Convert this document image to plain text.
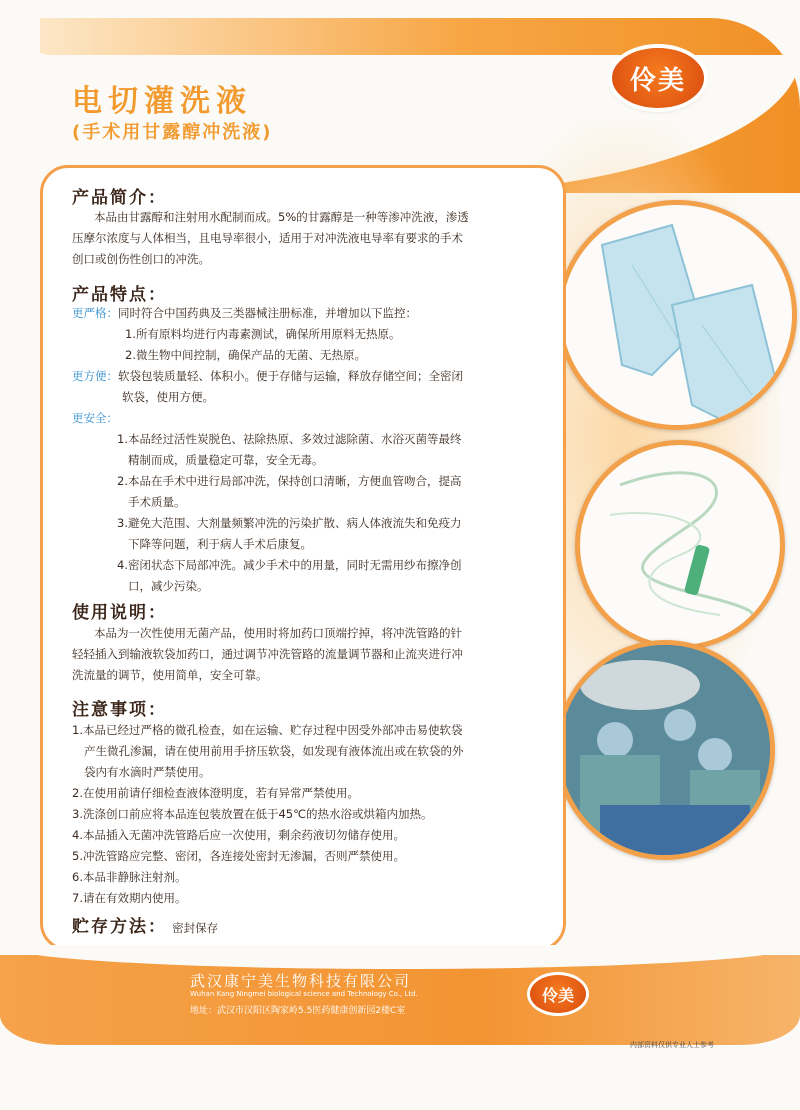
电切灌洗液
(手术用甘露醇冲洗液)
伶美
产品简介：
本品由甘露醇和注射用水配制而成。5%的甘露醇是一种等渗冲洗液，渗透
压摩尔浓度与人体相当，且电导率很小，适用于对冲洗液电导率有要求的手术
创口或创伤性创口的冲洗。
产品特点：
更严格：同时符合中国药典及三类器械注册标准，并增加以下监控：
1.所有原料均进行内毒素测试，确保所用原料无热原。
2.微生物中间控制，确保产品的无菌、无热原。
更方便：软袋包装质量轻、体积小。便于存储与运输，释放存储空间；全密闭
软袋，使用方便。
更安全：
1.本品经过活性炭脱色、祛除热原、多效过滤除菌、水浴灭菌等最终
精制而成，质量稳定可靠，安全无毒。
2.本品在手术中进行局部冲洗，保持创口清晰，方便血管吻合，提高
手术质量。
3.避免大范围、大剂量频繁冲洗的污染扩散、病人体液流失和免疫力
下降等问题，利于病人手术后康复。
4.密闭状态下局部冲洗。减少手术中的用量，同时无需用纱布擦净创
口，减少污染。
使用说明：
本品为一次性使用无菌产品，使用时将加药口顶端拧掉，将冲洗管路的针
轻轻插入到输液软袋加药口，通过调节冲洗管路的流量调节器和止流夹进行冲
洗流量的调节，使用简单，安全可靠。
注意事项：
1.本品已经过严格的微孔检查，如在运输、贮存过程中因受外部冲击易使软袋
产生微孔渗漏，请在使用前用手挤压软袋，如发现有液体流出或在软袋的外
袋内有水滴时严禁使用。
2.在使用前请仔细检查液体澄明度，若有异常严禁使用。
3.洗涤创口前应将本品连包装放置在低于45℃的热水浴或烘箱内加热。
4.本品插入无菌冲洗管路后应一次使用，剩余药液切勿储存使用。
5.冲洗管路应完整、密闭，各连接处密封无渗漏，否则严禁使用。
6.本品非静脉注射剂。
7.请在有效期内使用。
贮存方法： 密封保存
武汉康宁美生物科技有限公司
Wuhan Kang Ningmei biological science and Technology Co., Ltd.
地址：武汉市汉阳区陶家岭5.5医药健康创新园2楼C室
伶美
内部资料仅供专业人士参考
